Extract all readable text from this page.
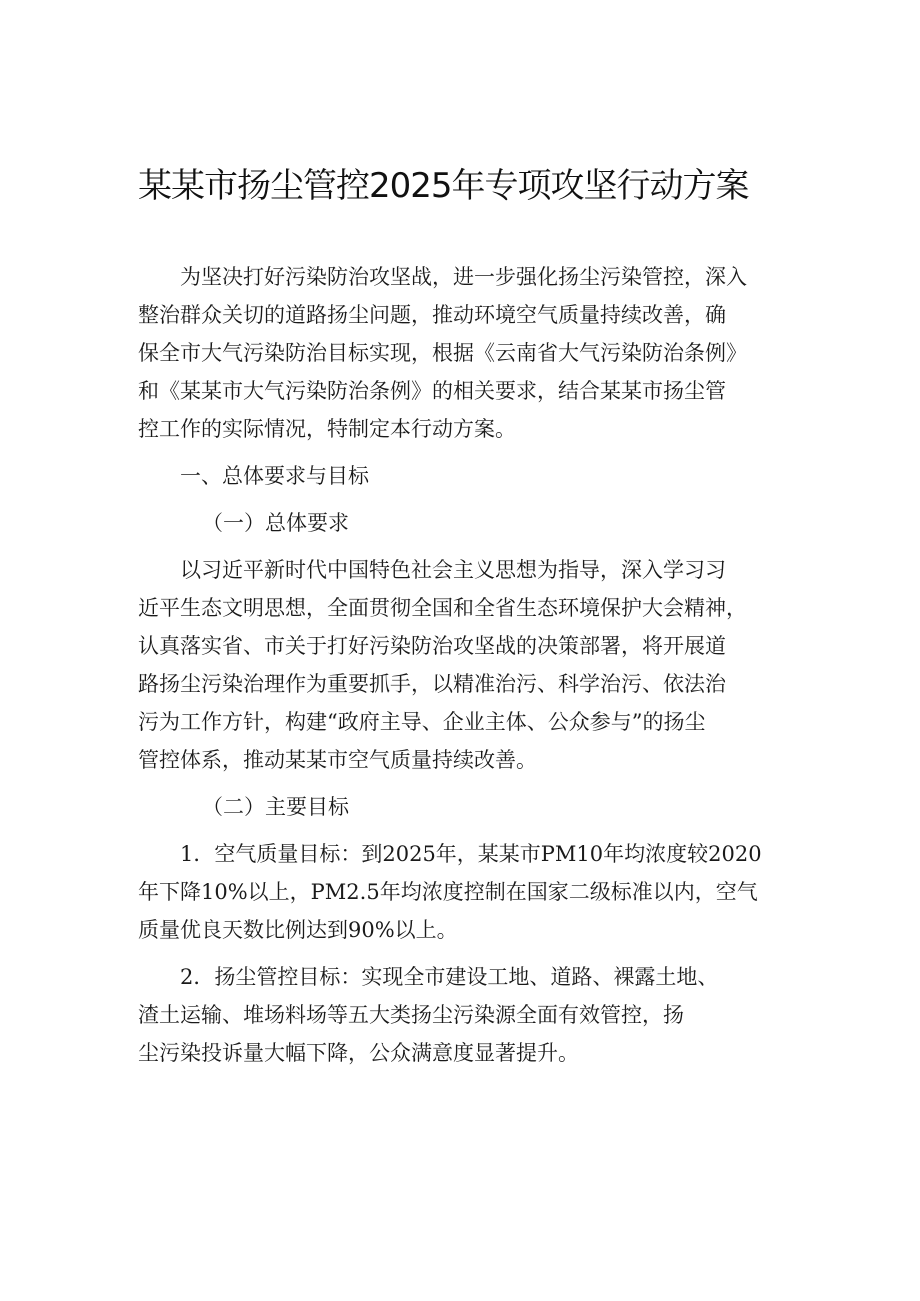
某某市扬尘管控2025年专项攻坚行动方案
为坚决打好污染防治攻坚战，进一步强化扬尘污染管控，深入
整治群众关切的道路扬尘问题，推动环境空气质量持续改善，确
保全市大气污染防治目标实现，根据《云南省大气污染防治条例》
和《某某市大气污染防治条例》的相关要求，结合某某市扬尘管
控工作的实际情况，特制定本行动方案。
一、总体要求与目标
（一）总体要求
以习近平新时代中国特色社会主义思想为指导，深入学习习
近平生态文明思想，全面贯彻全国和全省生态环境保护大会精神，
认真落实省、市关于打好污染防治攻坚战的决策部署，将开展道
路扬尘污染治理作为重要抓手，以精准治污、科学治污、依法治
污为工作方针，构建“政府主导、企业主体、公众参与”的扬尘
管控体系，推动某某市空气质量持续改善。
（二）主要目标
1．空气质量目标：到2025年，某某市PM10年均浓度较2020
年下降10%以上，PM2.5年均浓度控制在国家二级标准以内，空气
质量优良天数比例达到90%以上。
2．扬尘管控目标：实现全市建设工地、道路、裸露土地、
渣土运输、堆场料场等五大类扬尘污染源全面有效管控，扬
尘污染投诉量大幅下降，公众满意度显著提升。
